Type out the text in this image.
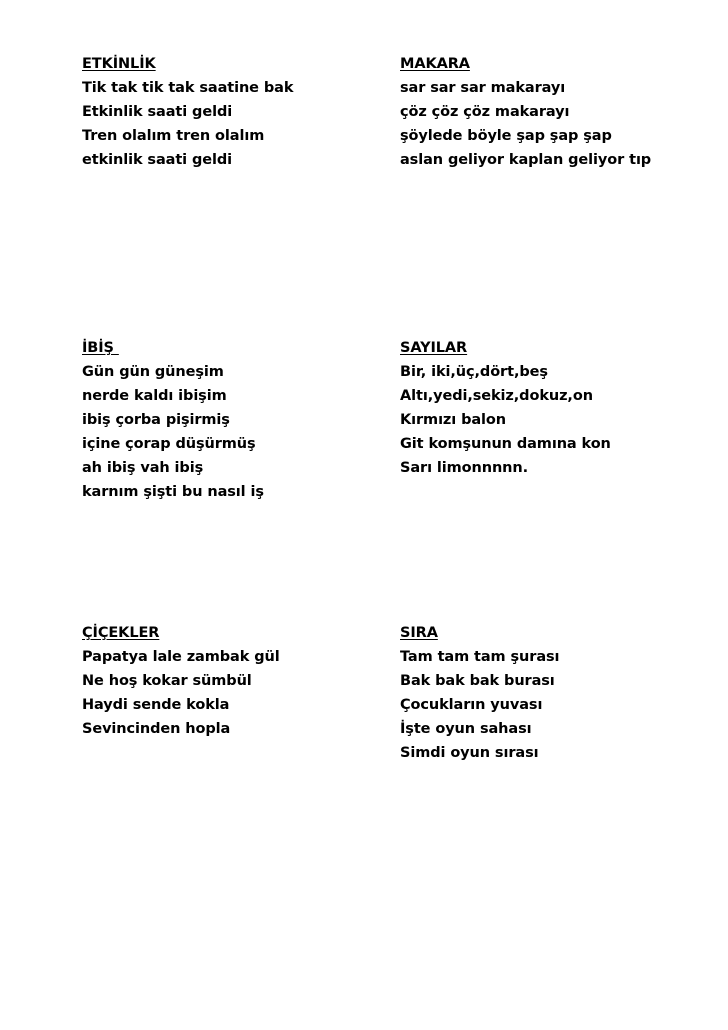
ETKİNLİK
Tik tak tik tak saatine bak
Etkinlik saati geldi
Tren olalım tren olalım
etkinlik saati geldi
MAKARA
sar sar sar makarayı
çöz çöz çöz makarayı
şöylede böyle şap şap şap
aslan geliyor kaplan geliyor tıp
İBİŞ
Gün gün güneşim
nerde kaldı ibişim
ibiş çorba pişirmiş
içine çorap düşürmüş
ah ibiş vah ibiş
karnım şişti bu nasıl iş
SAYILAR
Bir, iki,üç,dört,beş
Altı,yedi,sekiz,dokuz,on
Kırmızı balon
Git komşunun damına kon
Sarı limonnnnn.
ÇİÇEKLER
Papatya lale zambak gül
Ne hoş kokar sümbül
Haydi sende kokla
Sevincinden hopla
SIRA
Tam tam tam şurası
Bak bak bak burası
Çocukların yuvası
İşte oyun sahası
Simdi oyun sırası
